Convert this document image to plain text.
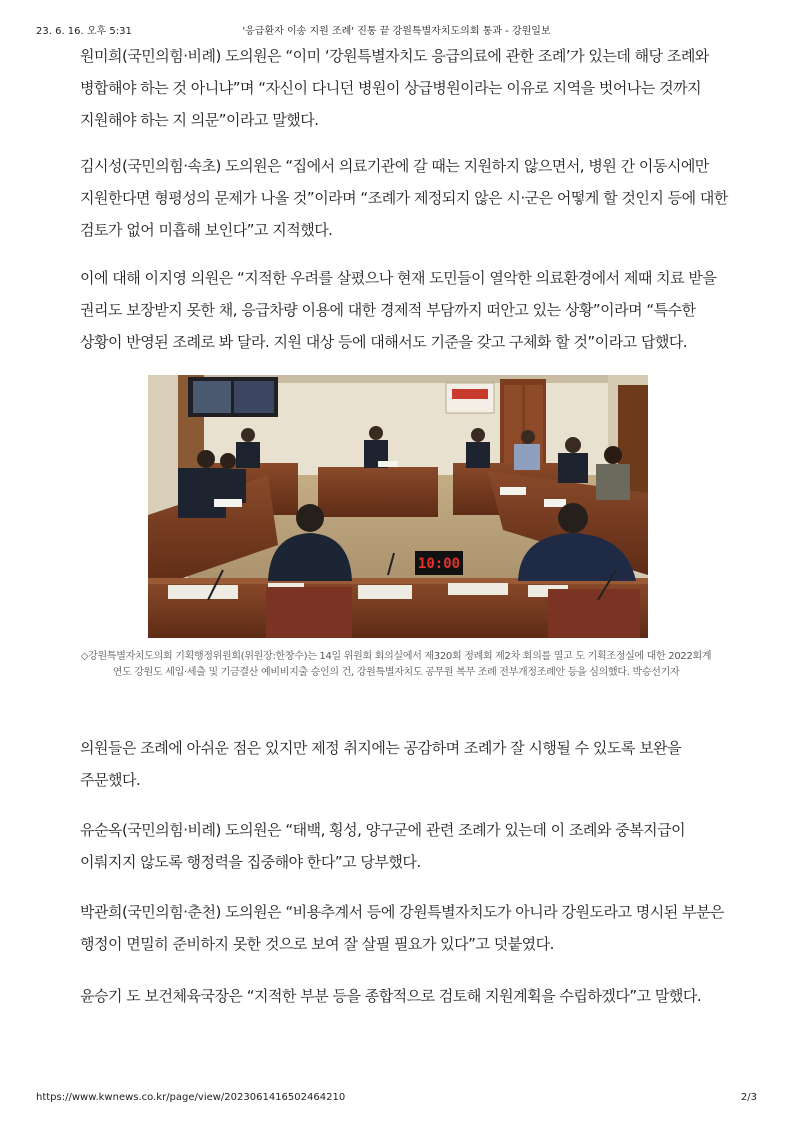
23. 6. 16. 오후 5:31	'응급환자 이송 지원 조례' 진통 끝 강원특별자치도의회 통과 - 강원일보

원미희(국민의힘·비례) 도의원은 “이미 ‘강원특별자치도 응급의료에 관한 조례’가 있는데 해당 조례와 병합해야 하는 것 아니냐”며 “자신이 다니던 병원이 상급병원이라는 이유로 지역을 벗어나는 것까지 지원해야 하는 지 의문”이라고 말했다.

김시성(국민의힘·속초) 도의원은 “집에서 의료기관에 갈 때는 지원하지 않으면서, 병원 간 이동시에만 지원한다면 형평성의 문제가 나올 것”이라며 “조례가 제정되지 않은 시·군은 어떻게 할 것인지 등에 대한 검토가 없어 미흡해 보인다”고 지적했다.

이에 대해 이지영 의원은 “지적한 우려를 살폈으나 현재 도민들이 열악한 의료환경에서 제때 치료 받을 권리도 보장받지 못한 채, 응급차량 이용에 대한 경제적 부담까지 떠안고 있는 상황”이라며 “특수한 상황이 반영된 조례로 봐 달라. 지원 대상 등에 대해서도 기준을 갖고 구체화 할 것”이라고 답했다.

10:00
◇강원특별자치도의회 기획행정위원회(위원장:한창수)는 14일 위원회 회의실에서 제320회 정례회 제2차 회의를 열고 도 기획조정실에 대한 2022회계연도 강원도 세입·세출 및 기금결산 예비비지출 승인의 건, 강원특별자치도 공무원 복무 조례 전부개정조례안 등을 심의했다. 박승선기자

의원들은 조례에 아쉬운 점은 있지만 제정 취지에는 공감하며 조례가 잘 시행될 수 있도록 보완을 주문했다.

유순옥(국민의힘·비례) 도의원은 “태백, 횡성, 양구군에 관련 조례가 있는데 이 조례와 중복지급이 이뤄지지 않도록 행정력을 집중해야 한다”고 당부했다.

박관희(국민의힘·춘천) 도의원은 “비용추계서 등에 강원특별자치도가 아니라 강원도라고 명시된 부분은 행정이 면밀히 준비하지 못한 것으로 보여 잘 살필 필요가 있다”고 덧붙였다.

윤승기 도 보건체육국장은 “지적한 부분 등을 종합적으로 검토해 지원계획을 수립하겠다”고 말했다.

https://www.kwnews.co.kr/page/view/2023061416502464210	2/3
